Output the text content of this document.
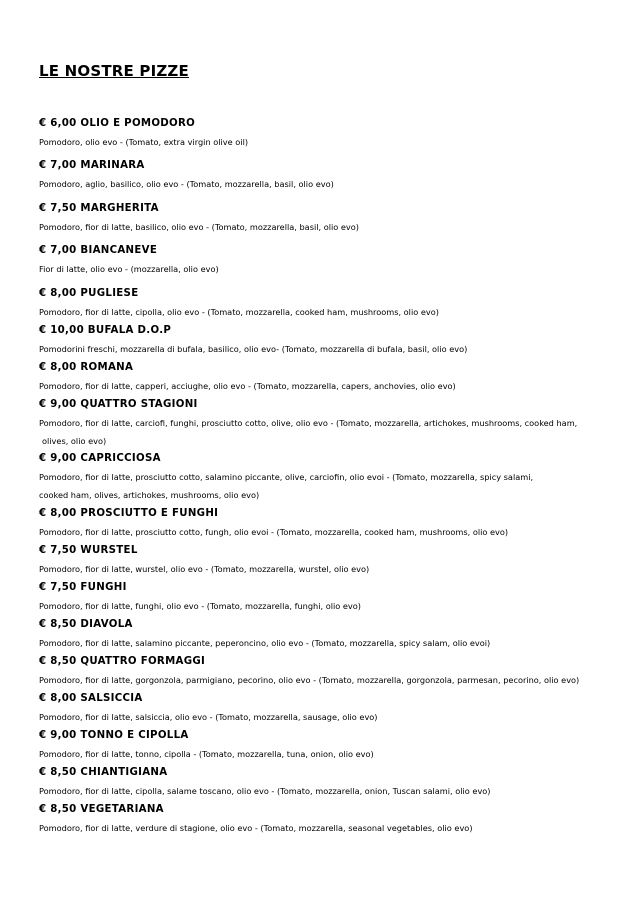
LE NOSTRE PIZZE
€ 6,00 OLIO E POMODORO
Pomodoro, olio evo - (Tomato, extra virgin olive oil)
€ 7,00 MARINARA
Pomodoro, aglio, basilico, olio evo - (Tomato, mozzarella, basil, olio evo)
€ 7,50 MARGHERITA
Pomodoro, fior di latte, basilico, olio evo - (Tomato, mozzarella, basil, olio evo)
€ 7,00 BIANCANEVE
Fior di latte, olio evo - (mozzarella, olio evo)
€ 8,00 PUGLIESE
Pomodoro, fior di latte, cipolla, olio evo - (Tomato, mozzarella, cooked ham, mushrooms, olio evo)
€ 10,00 BUFALA D.O.P
Pomodorini freschi, mozzarella di bufala, basilico, olio evo- (Tomato, mozzarella di bufala, basil, olio evo)
€ 8,00 ROMANA
Pomodoro, fior di latte, capperi, acciughe, olio evo - (Tomato, mozzarella, capers, anchovies, olio evo)
€ 9,00 QUATTRO STAGIONI
Pomodoro, fior di latte, carciofi, funghi, prosciutto cotto, olive, olio evo - (Tomato, mozzarella, artichokes, mushrooms, cooked ham,
olives, olio evo)
€ 9,00 CAPRICCIOSA
Pomodoro, fior di latte, prosciutto cotto, salamino piccante, olive, carciofin, olio evoi - (Tomato, mozzarella, spicy salami,
cooked ham, olives, artichokes, mushrooms, olio evo)
€ 8,00 PROSCIUTTO E FUNGHI
Pomodoro, fior di latte, prosciutto cotto, fungh, olio evoi - (Tomato, mozzarella, cooked ham, mushrooms, olio evo)
€ 7,50 WURSTEL
Pomodoro, fior di latte, wurstel, olio evo - (Tomato, mozzarella, wurstel, olio evo)
€ 7,50 FUNGHI
Pomodoro, fior di latte, funghi, olio evo - (Tomato, mozzarella, funghi, olio evo)
€ 8,50 DIAVOLA
Pomodoro, fior di latte, salamino piccante, peperoncino, olio evo - (Tomato, mozzarella, spicy salam, olio evoi)
€ 8,50 QUATTRO FORMAGGI
Pomodoro, fior di latte, gorgonzola, parmigiano, pecorino, olio evo - (Tomato, mozzarella, gorgonzola, parmesan, pecorino, olio evo)
€ 8,00 SALSICCIA
Pomodoro, fior di latte, salsiccia, olio evo - (Tomato, mozzarella, sausage, olio evo)
€ 9,00 TONNO E CIPOLLA
Pomodoro, fior di latte, tonno, cipolla - (Tomato, mozzarella, tuna, onion, olio evo)
€ 8,50 CHIANTIGIANA
Pomodoro, fior di latte, cipolla, salame toscano, olio evo - (Tomato, mozzarella, onion, Tuscan salami, olio evo)
€ 8,50 VEGETARIANA
Pomodoro, fior di latte, verdure di stagione, olio evo - (Tomato, mozzarella, seasonal vegetables, olio evo)
